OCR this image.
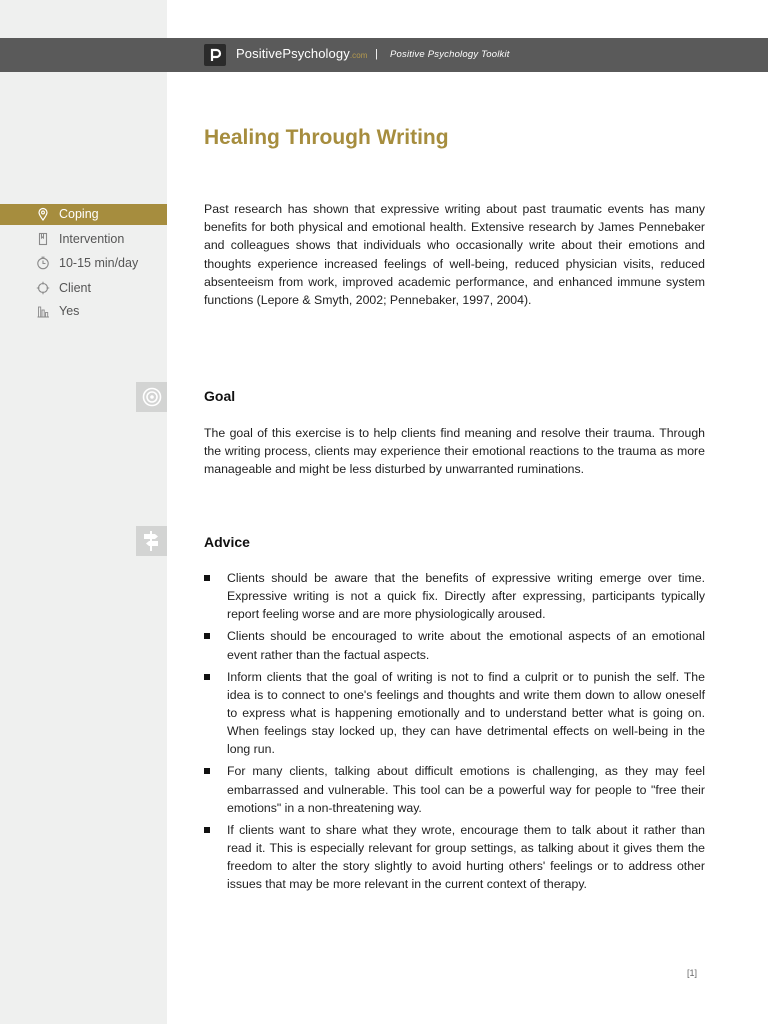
PositivePsychology.com | Positive Psychology Toolkit
Healing Through Writing
Coping
Intervention
10-15 min/day
Client
Yes

Past research has shown that expressive writing about past traumatic events has many benefits for both physical and emotional health. Extensive research by James Pennebaker and colleagues shows that individuals who occasionally write about their emotions and thoughts experience increased feelings of well-being, reduced physician visits, reduced absenteeism from work, improved academic performance, and enhanced immune system functions (Lepore & Smyth, 2002; Pennebaker, 1997, 2004).

Goal

The goal of this exercise is to help clients find meaning and resolve their trauma. Through the writing process, clients may experience their emotional reactions to the trauma as more manageable and might be less disturbed by unwarranted ruminations.

Advice
Clients should be aware that the benefits of expressive writing emerge over time. Expressive writing is not a quick fix. Directly after expressing, participants typically report feeling worse and are more physiologically aroused.
Clients should be encouraged to write about the emotional aspects of an emotional event rather than the factual aspects.
Inform clients that the goal of writing is not to find a culprit or to punish the self. The idea is to connect to one's feelings and thoughts and write them down to allow oneself to express what is happening emotionally and to understand better what is going on. When feelings stay locked up, they can have detrimental effects on well-being in the long run.
For many clients, talking about difficult emotions is challenging, as they may feel embarrassed and vulnerable. This tool can be a powerful way for people to "free their emotions" in a non-threatening way.
If clients want to share what they wrote, encourage them to talk about it rather than read it. This is especially relevant for group settings, as talking about it gives them the freedom to alter the story slightly to avoid hurting others' feelings or to address other issues that may be more relevant in the current context of therapy.
[1]
